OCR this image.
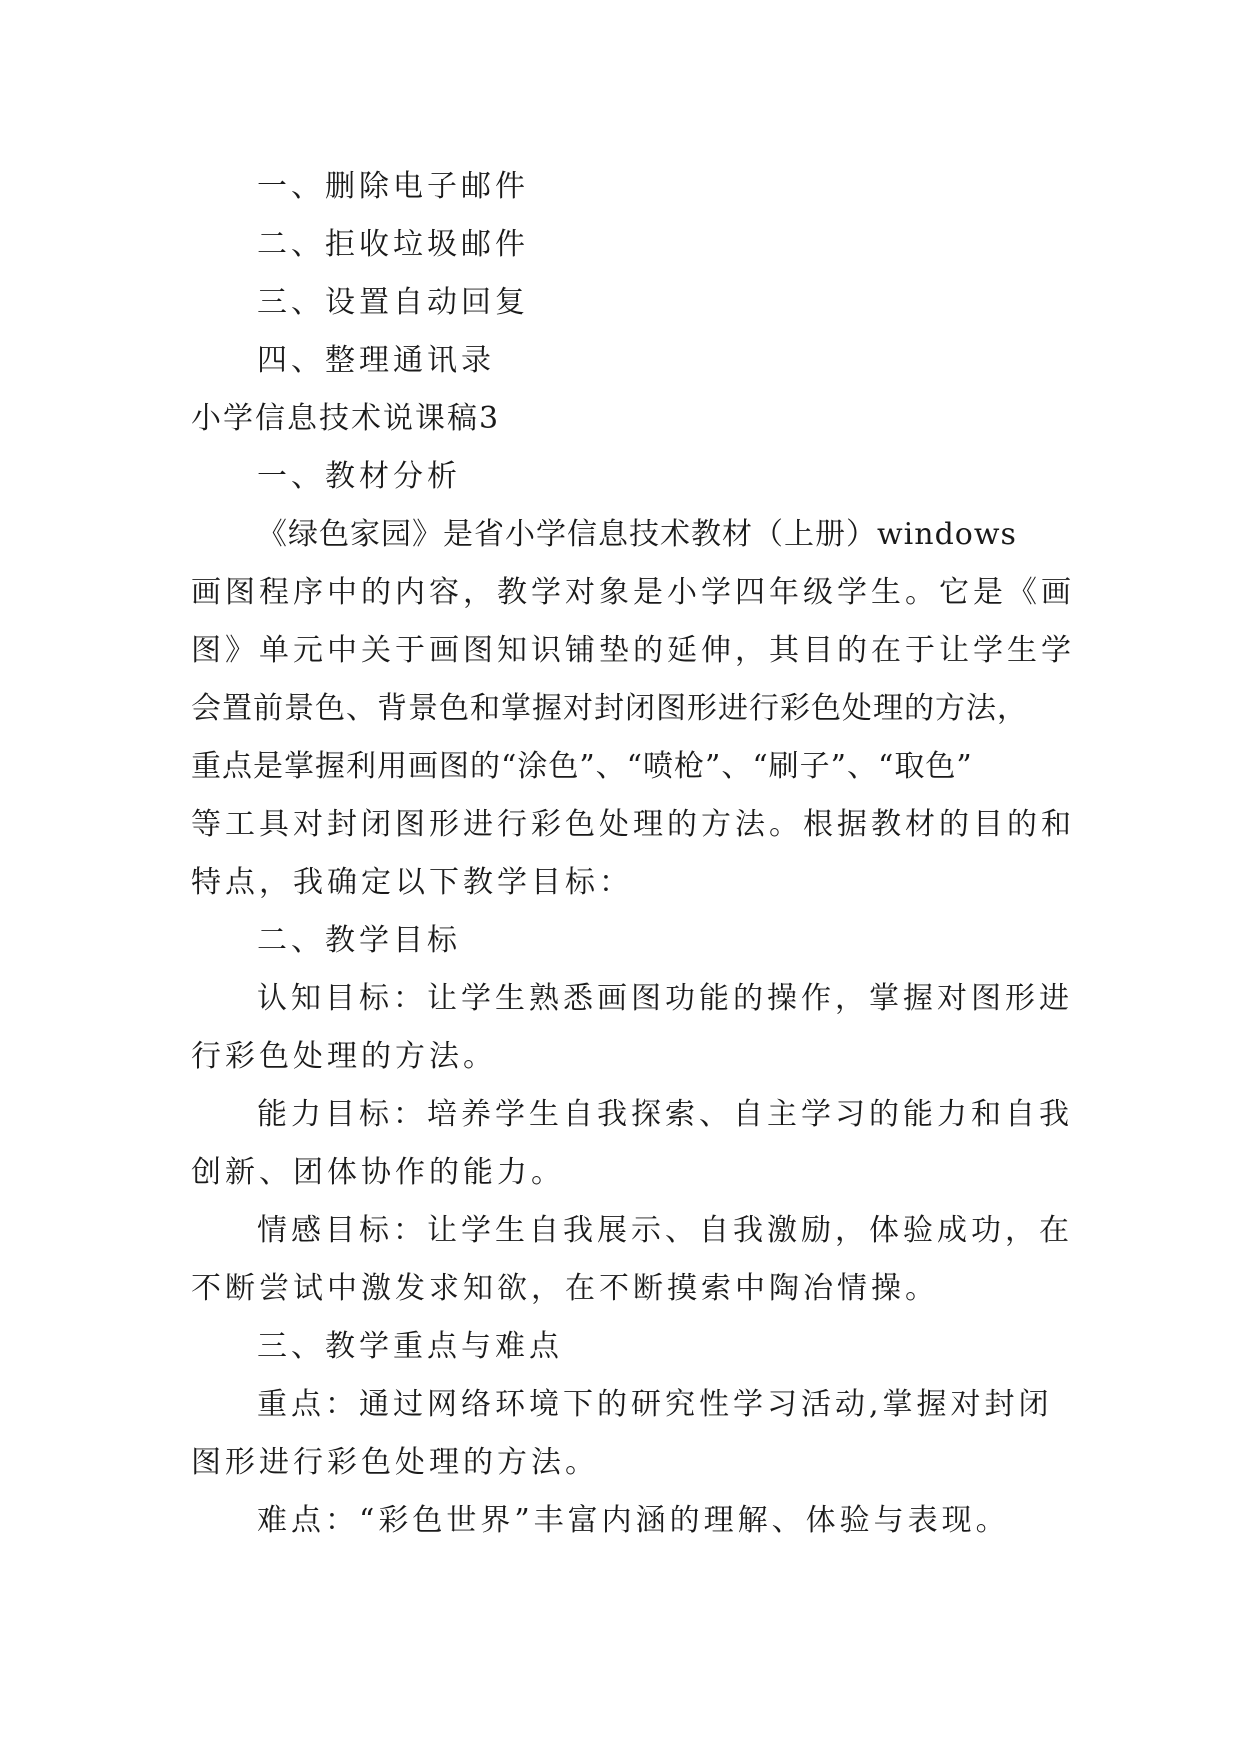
一、删除电子邮件
二、拒收垃圾邮件
三、设置自动回复
四、整理通讯录
小学信息技术说课稿3
一、教材分析
《绿色家园》是省小学信息技术教材（上册）windows
画图程序中的内容，教学对象是小学四年级学生。它是《画
图》单元中关于画图知识铺垫的延伸，其目的在于让学生学
会置前景色、背景色和掌握对封闭图形进行彩色处理的方法，
重点是掌握利用画图的“涂色”、“喷枪”、“刷子”、“取色”
等工具对封闭图形进行彩色处理的方法。根据教材的目的和
特点，我确定以下教学目标：
二、教学目标
认知目标：让学生熟悉画图功能的操作，掌握对图形进
行彩色处理的方法。
能力目标：培养学生自我探索、自主学习的能力和自我
创新、团体协作的能力。
情感目标：让学生自我展示、自我激励，体验成功，在
不断尝试中激发求知欲，在不断摸索中陶冶情操。
三、教学重点与难点
重点：通过网络环境下的研究性学习活动,掌握对封闭
图形进行彩色处理的方法。
难点：“彩色世界”丰富内涵的理解、体验与表现。
